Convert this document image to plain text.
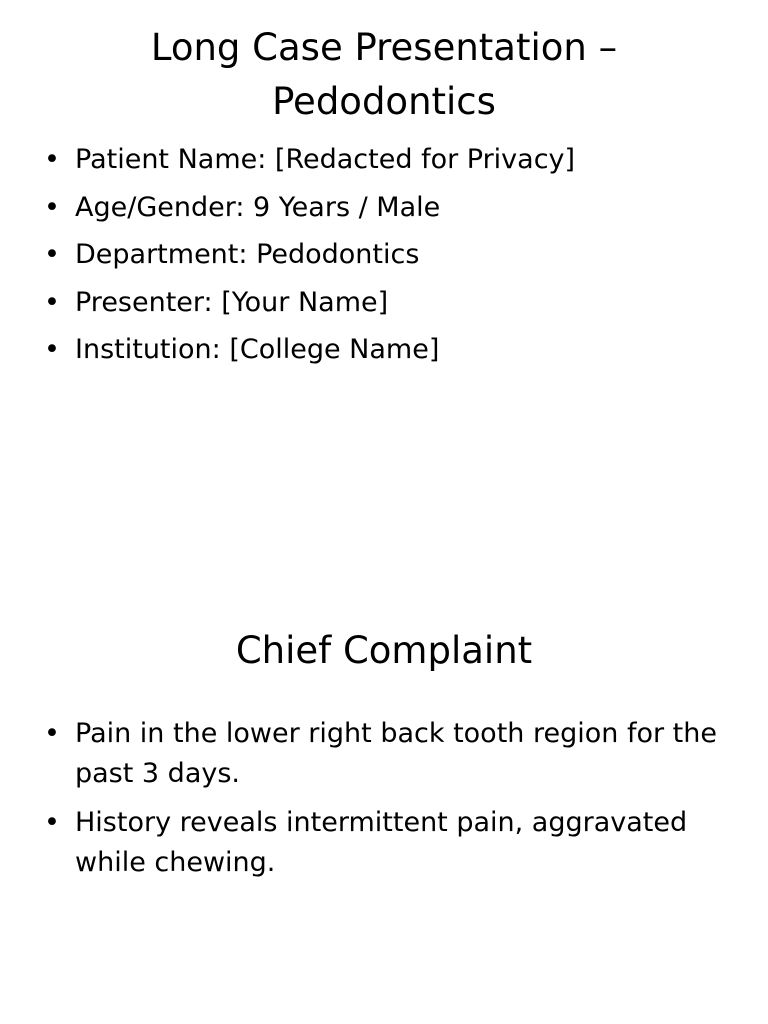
Long Case Presentation – Pedodontics
• Patient Name: [Redacted for Privacy]
• Age/Gender: 9 Years / Male
• Department: Pedodontics
• Presenter: [Your Name]
• Institution: [College Name]
Chief Complaint
• Pain in the lower right back tooth region for the past 3 days.
• History reveals intermittent pain, aggravated while chewing.
